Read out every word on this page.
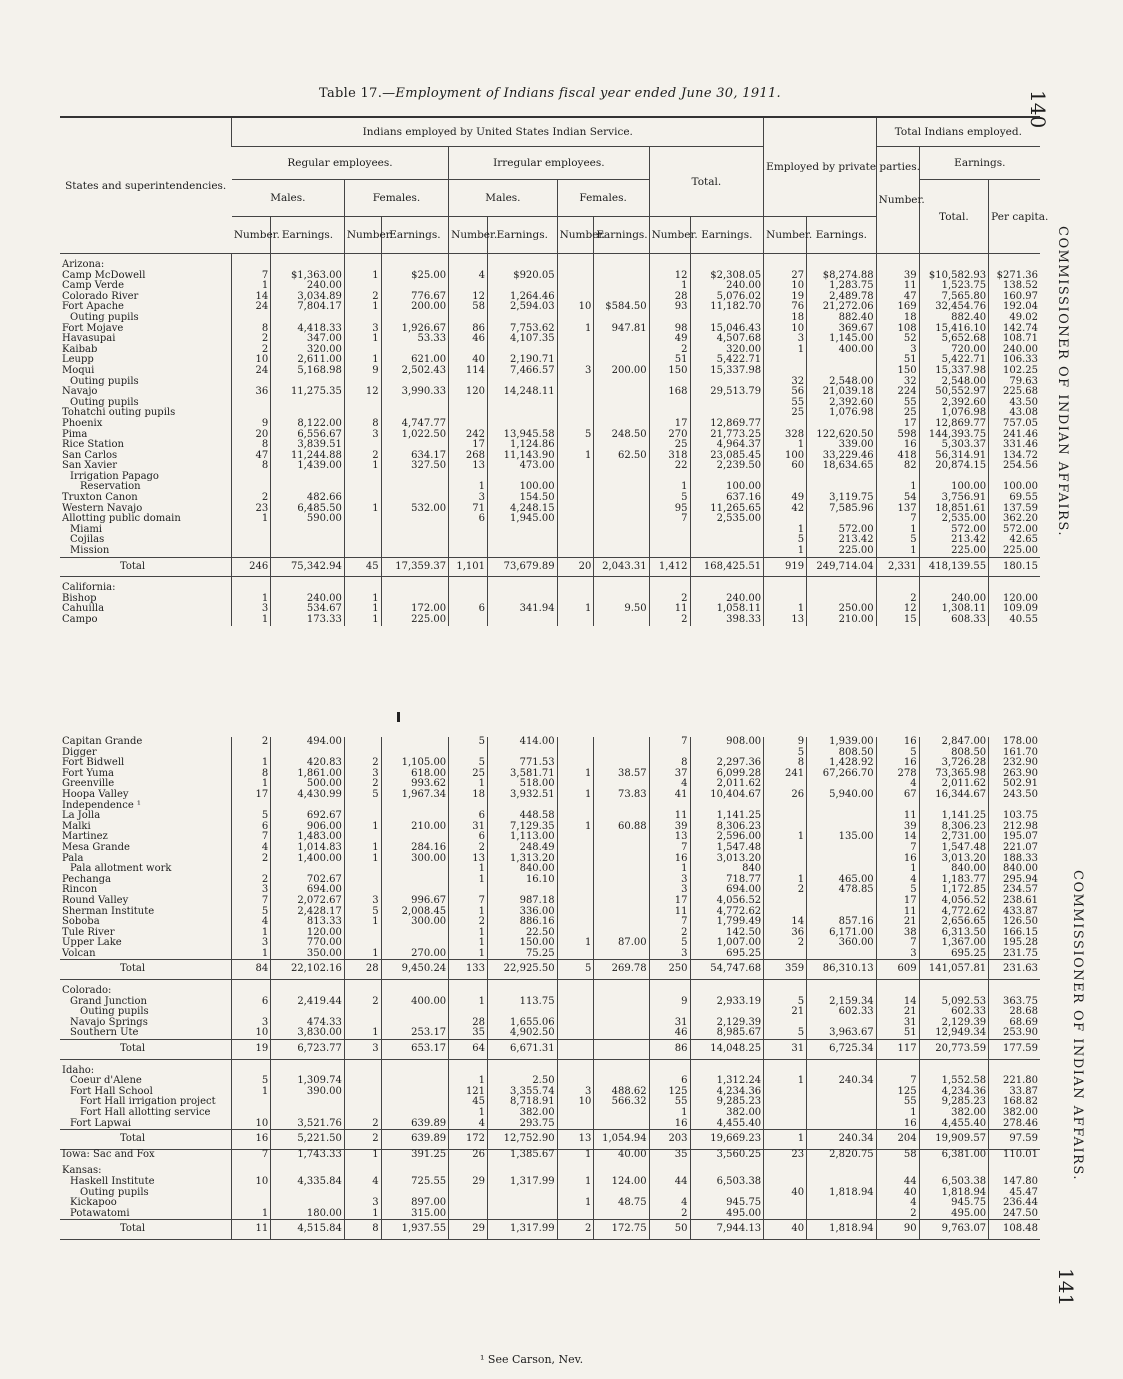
Table 17.—Employment of Indians fiscal year ended June 30, 1911.	140
COMMISSIONER OF INDIAN AFFAIRS.
COMMISSIONER OF INDIAN AFFAIRS.
141
States and superintendencies.	Indians employed by United States Indian Service.										Employed by private parties.		Total Indians employed.		
	Regular employees.				Irregular employees.				Total.				Number.	Earnings.	
	Males.		Females.		Males.		Females.							Total.	Per capita.
	Number.	Earnings.	Number.	Earnings.	Number.	Earnings.	Number.	Earnings.	Number.	Earnings.	Number.	Earnings.			
Arizona:															
Camp McDowell	7	$1,363.00	1	$25.00	4	$920.05			12	$2,308.05	27	$8,274.88	39	$10,582.93	$271.36
Camp Verde	1	240.00							1	240.00	10	1,283.75	11	1,523.75	138.52
Colorado River	14	3,034.89	2	776.67	12	1,264.46			28	5,076.02	19	2,489.78	47	7,565.80	160.97
Fort Apache	24	7,804.17	1	200.00	58	2,594.03	10	$584.50	93	11,182.70	76	21,272.06	169	32,454.76	192.04
Outing pupils											18	882.40	18	882.40	49.02
Fort Mojave	8	4,418.33	3	1,926.67	86	7,753.62	1	947.81	98	15,046.43	10	369.67	108	15,416.10	142.74
Havasupai	2	347.00	1	53.33	46	4,107.35			49	4,507.68	3	1,145.00	52	5,652.68	108.71
Kaibab	2	320.00							2	320.00	1	400.00	3	720.00	240.00
Leupp	10	2,611.00	1	621.00	40	2,190.71			51	5,422.71			51	5,422.71	106.33
Moqui	24	5,168.98	9	2,502.43	114	7,466.57	3	200.00	150	15,337.98			150	15,337.98	102.25
Outing pupils											32	2,548.00	32	2,548.00	79.63
Navajo	36	11,275.35	12	3,990.33	120	14,248.11			168	29,513.79	56	21,039.18	224	50,552.97	225.68
Outing pupils											55	2,392.60	55	2,392.60	43.50
Tohatchi outing pupils											25	1,076.98	25	1,076.98	43.08
Phoenix	9	8,122.00	8	4,747.77					17	12,869.77			17	12,869.77	757.05
Pima	20	6,556.67	3	1,022.50	242	13,945.58	5	248.50	270	21,773.25	328	122,620.50	598	144,393.75	241.46
Rice Station	8	3,839.51			17	1,124.86			25	4,964.37	1	339.00	16	5,303.37	331.46
San Carlos	47	11,244.88	2	634.17	268	11,143.90	1	62.50	318	23,085.45	100	33,229.46	418	56,314.91	134.72
San Xavier	8	1,439.00	1	327.50	13	473.00			22	2,239.50	60	18,634.65	82	20,874.15	254.56
Irrigation Papago															
Reservation					1	100.00			1	100.00			1	100.00	100.00
Truxton Canon	2	482.66			3	154.50			5	637.16	49	3,119.75	54	3,756.91	69.55
Western Navajo	23	6,485.50	1	532.00	71	4,248.15			95	11,265.65	42	7,585.96	137	18,851.61	137.59
Allotting public domain	1	590.00			6	1,945.00			7	2,535.00			7	2,535.00	362.20
Miami											1	572.00	1	572.00	572.00
Cojilas											5	213.42	5	213.42	42.65
Mission											1	225.00	1	225.00	225.00
Total	246	75,342.94	45	17,359.37	1,101	73,679.89	20	2,043.31	1,412	168,425.51	919	249,714.04	2,331	418,139.55	180.15
California:															
Bishop	1	240.00	1						2	240.00			2	240.00	120.00
Cahuilla	3	534.67	1	172.00	6	341.94	1	9.50	11	1,058.11	1	250.00	12	1,308.11	109.09
Campo	1	173.33	1	225.00					2	398.33	13	210.00	15	608.33	40.55
Capitan Grande	2	494.00			5	414.00			7	908.00	9	1,939.00	16	2,847.00	178.00
Digger											5	808.50	5	808.50	161.70
Fort Bidwell	1	420.83	2	1,105.00	5	771.53			8	2,297.36	8	1,428.92	16	3,726.28	232.90
Fort Yuma	8	1,861.00	3	618.00	25	3,581.71	1	38.57	37	6,099.28	241	67,266.70	278	73,365.98	263.90
Greenville	1	500.00	2	993.62	1	518.00			4	2,011.62			4	2,011.62	502.91
Hoopa Valley	17	4,430.99	5	1,967.34	18	3,932.51	1	73.83	41	10,404.67	26	5,940.00	67	16,344.67	243.50
Independence ¹															
La Jolla	5	692.67			6	448.58			11	1,141.25			11	1,141.25	103.75
Malki	6	906.00	1	210.00	31	7,129.35	1	60.88	39	8,306.23			39	8,306.23	212.98
Martinez	7	1,483.00			6	1,113.00			13	2,596.00	1	135.00	14	2,731.00	195.07
Mesa Grande	4	1,014.83	1	284.16	2	248.49			7	1,547.48			7	1,547.48	221.07
Pala	2	1,400.00	1	300.00	13	1,313.20			16	3,013.20			16	3,013.20	188.33
Pala allotment work					1	840.00			1	840			1	840.00	840.00
Pechanga	2	702.67			1	16.10			3	718.77	1	465.00	4	1,183.77	295.94
Rincon	3	694.00							3	694.00	2	478.85	5	1,172.85	234.57
Round Valley	7	2,072.67	3	996.67	7	987.18			17	4,056.52			17	4,056.52	238.61
Sherman Institute	5	2,428.17	5	2,008.45	1	336.00			11	4,772.62			11	4,772.62	433.87
Soboba	4	813.33	1	300.00	2	886.16			7	1,799.49	14	857.16	21	2,656.65	126.50
Tule River	1	120.00			1	22.50			2	142.50	36	6,171.00	38	6,313.50	166.15
Upper Lake	3	770.00			1	150.00	1	87.00	5	1,007.00	2	360.00	7	1,367.00	195.28
Volcan	1	350.00	1	270.00	1	75.25			3	695.25			3	695.25	231.75
Total	84	22,102.16	28	9,450.24	133	22,925.50	5	269.78	250	54,747.68	359	86,310.13	609	141,057.81	231.63
Colorado:															
Grand Junction	6	2,419.44	2	400.00	1	113.75			9	2,933.19	5	2,159.34	14	5,092.53	363.75
Outing pupils											21	602.33	21	602.33	28.68
Navajo Springs	3	474.33			28	1,655.06			31	2,129.39			31	2,129.39	68.69
Southern Ute	10	3,830.00	1	253.17	35	4,902.50			46	8,985.67	5	3,963.67	51	12,949.34	253.90
Total	19	6,723.77	3	653.17	64	6,671.31			86	14,048.25	31	6,725.34	117	20,773.59	177.59
Idaho:															
Coeur d'Alene	5	1,309.74			1	2.50			6	1,312.24	1	240.34	7	1,552.58	221.80
Fort Hall School	1	390.00			121	3,355.74	3	488.62	125	4,234.36			125	4,234.36	33.87
Fort Hall irrigation project					45	8,718.91	10	566.32	55	9,285.23			55	9,285.23	168.82
Fort Hall allotting service					1	382.00			1	382.00			1	382.00	382.00
Fort Lapwai	10	3,521.76	2	639.89	4	293.75			16	4,455.40			16	4,455.40	278.46
Total	16	5,221.50	2	639.89	172	12,752.90	13	1,054.94	203	19,669.23	1	240.34	204	19,909.57	97.59
Iowa: Sac and Fox	7	1,743.33	1	391.25	26	1,385.67	1	40.00	35	3,560.25	23	2,820.75	58	6,381.00	110.01
Kansas:															
Haskell Institute	10	4,335.84	4	725.55	29	1,317.99	1	124.00	44	6,503.38			44	6,503.38	147.80
Outing pupils											40	1,818.94	40	1,818.94	45.47
Kickapoo			3	897.00			1	48.75	4	945.75			4	945.75	236.44
Potawatomi	1	180.00	1	315.00					2	495.00			2	495.00	247.50
Total	11	4,515.84	8	1,937.55	29	1,317.99	2	172.75	50	7,944.13	40	1,818.94	90	9,763.07	108.48
¹ See Carson, Nev.
